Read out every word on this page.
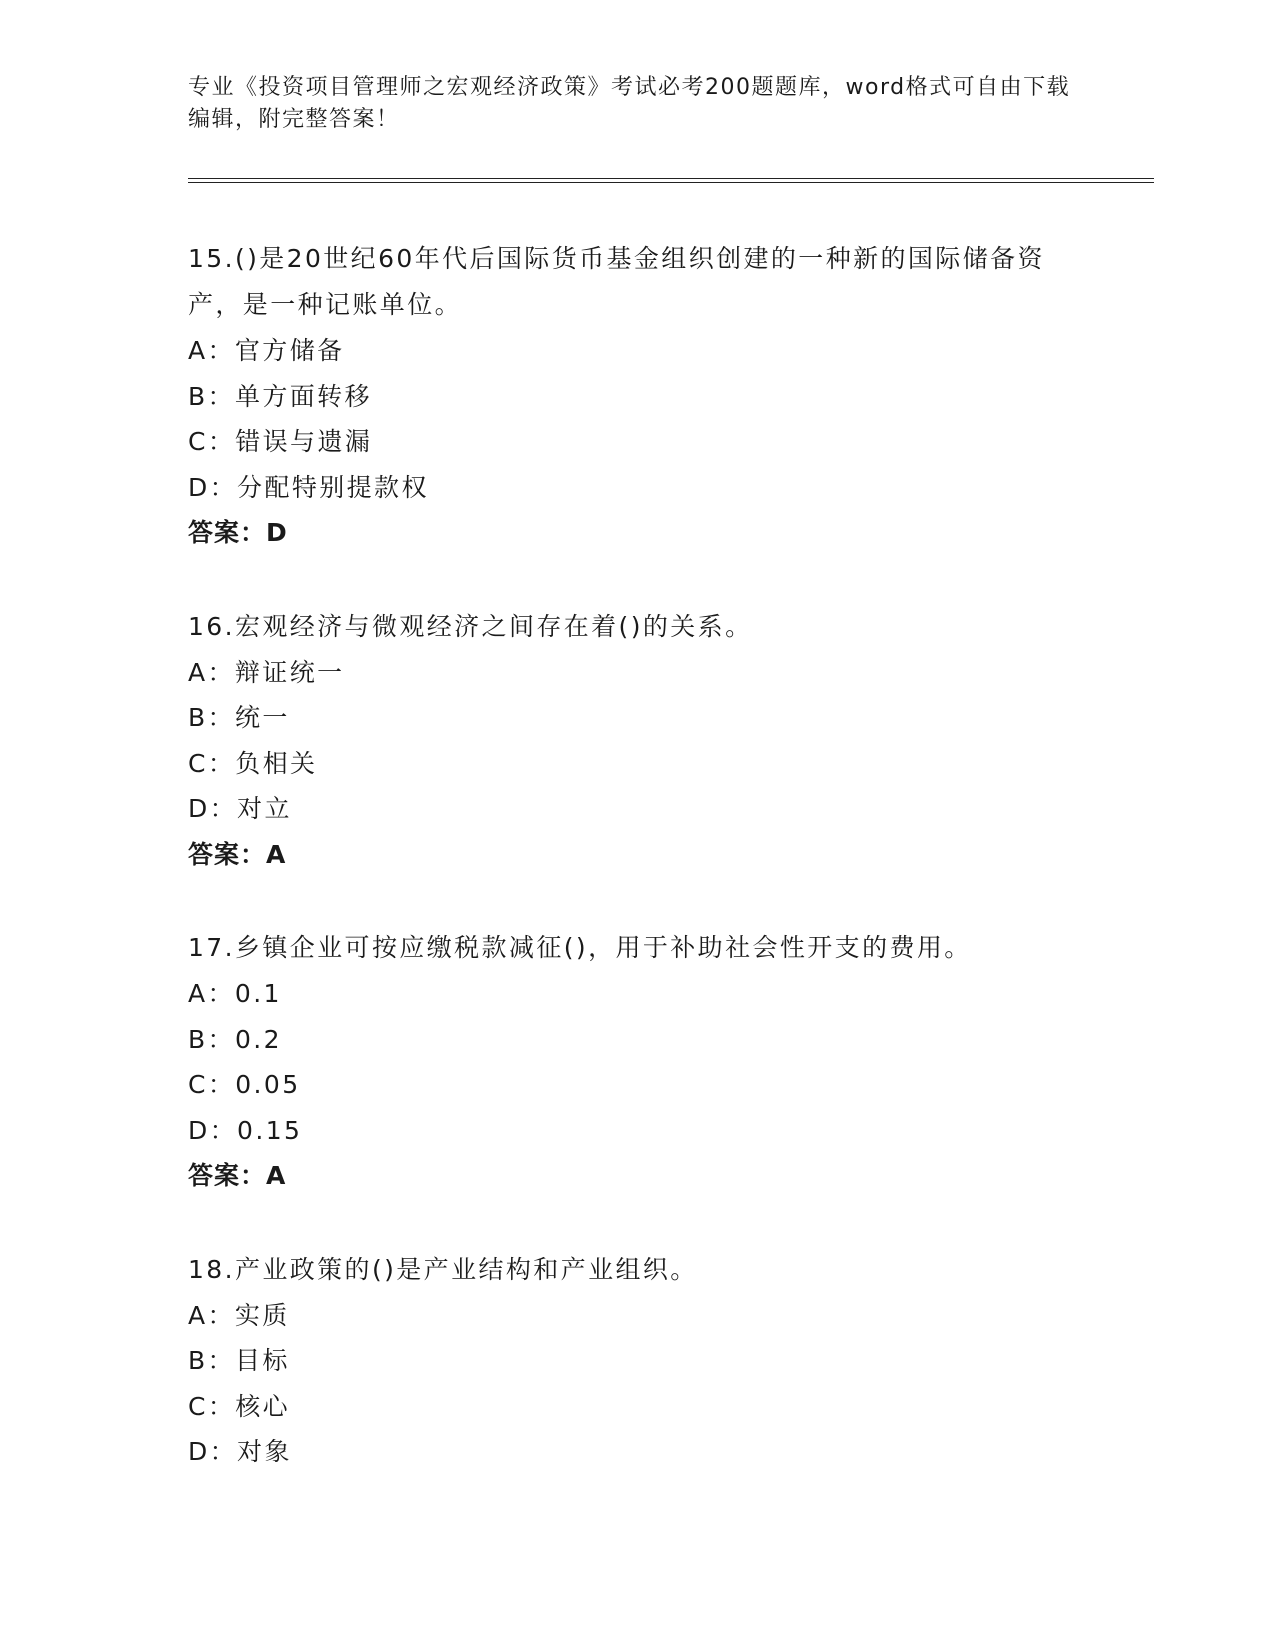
专业《投资项目管理师之宏观经济政策》考试必考200题题库，word格式可自由下载编辑，附完整答案！
15.()是20世纪60年代后国际货币基金组织创建的一种新的国际储备资产，是一种记账单位。
A：官方储备
B：单方面转移
C：错误与遗漏
D：分配特别提款权
答案：D
16.宏观经济与微观经济之间存在着()的关系。
A：辩证统一
B：统一
C：负相关
D：对立
答案：A
17.乡镇企业可按应缴税款减征()，用于补助社会性开支的费用。
A：0.1
B：0.2
C：0.05
D：0.15
答案：A
18.产业政策的()是产业结构和产业组织。
A：实质
B：目标
C：核心
D：对象
